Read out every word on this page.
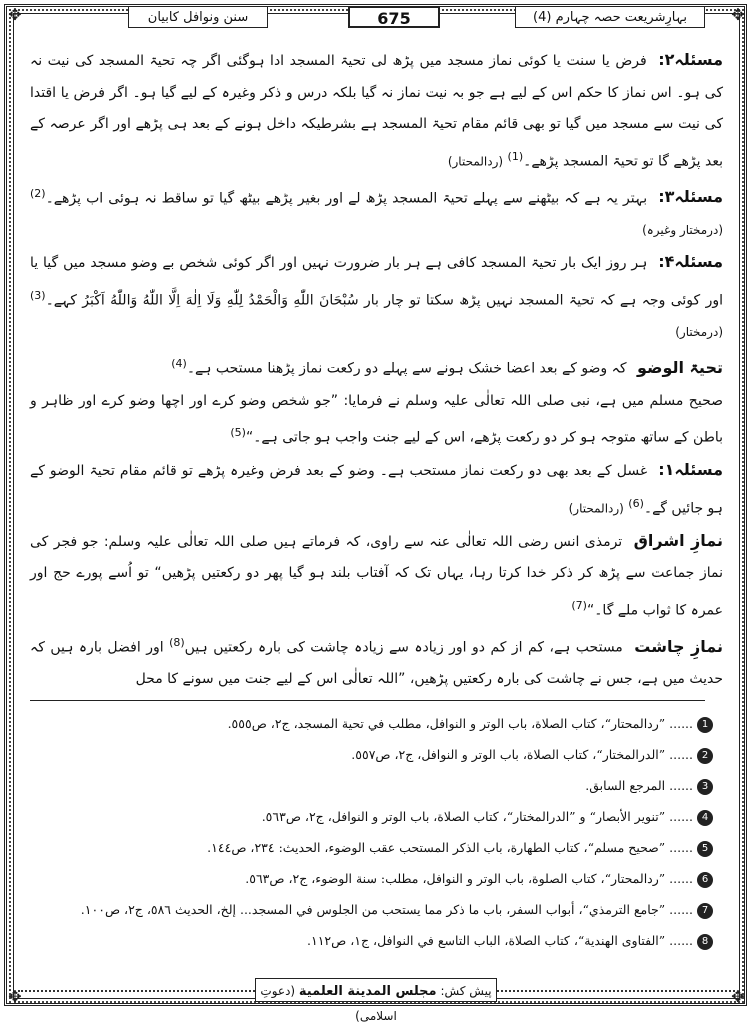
✥	✥
✥	✥
بہارِشریعت حصہ چہارم (4)
675
سنن ونوافل کابیان

مسئلہ۲: فرض یا سنت یا کوئی نماز مسجد میں پڑھ لی تحیۃ المسجد ادا ہوگئی اگر چہ تحیۃ المسجد کی نیت نہ کی ہو۔ اس نماز کا حکم اس کے لیے ہے جو بہ نیت نماز نہ گیا بلکہ درس و ذکر وغیرہ کے لیے گیا ہو۔ اگر فرض یا اقتدا کی نیت سے مسجد میں گیا تو بھی قائم مقام تحیۃ المسجد ہے بشرطیکہ داخل ہونے کے بعد ہی پڑھے اور اگر عرصہ کے بعد پڑھے گا تو تحیۃ المسجد پڑھے۔$^{(1)}$ (ردالمحتار)

مسئلہ۳: بہتر یہ ہے کہ بیٹھنے سے پہلے تحیۃ المسجد پڑھ لے اور بغیر پڑھے بیٹھ گیا تو ساقط نہ ہوئی اب پڑھے۔$^{(2)}$ (درمختار وغیرہ)

مسئلہ۴: ہر روز ایک بار تحیۃ المسجد کافی ہے ہر بار ضرورت نہیں اور اگر کوئی شخص بے وضو مسجد میں گیا یا اور کوئی وجہ ہے کہ تحیۃ المسجد نہیں پڑھ سکتا تو چار بار سُبْحَانَ اللّٰهِ وَالْحَمْدُ لِلّٰهِ وَلَا اِلٰهَ اِلَّا اللّٰهُ وَاللّٰهُ اَكْبَرُ کہے۔$^{(3)}$ (درمختار)

تحیۃ الوضو کہ وضو کے بعد اعضا خشک ہونے سے پہلے دو رکعت نماز پڑھنا مستحب ہے۔$^{(4)}$

صحیح مسلم میں ہے، نبی صلی اللہ تعالٰی علیہ وسلم نے فرمایا: ”جو شخص وضو کرے اور اچھا وضو کرے اور ظاہر و باطن کے ساتھ متوجہ ہو کر دو رکعت پڑھے، اس کے لیے جنت واجب ہو جاتی ہے۔“$^{(5)}$

مسئلہ۱: غسل کے بعد بھی دو رکعت نماز مستحب ہے۔ وضو کے بعد فرض وغیرہ پڑھے تو قائم مقام تحیۃ الوضو کے ہو جائیں گے۔$^{(6)}$ (ردالمحتار)

نمازِ اشراق ترمذی انس رضی اللہ تعالٰی عنہ سے راوی، کہ فرماتے ہیں صلی اللہ تعالٰی علیہ وسلم: جو فجر کی نماز جماعت سے پڑھ کر ذکر خدا کرتا رہا، یہاں تک کہ آفتاب بلند ہو گیا پھر دو رکعتیں پڑھیں“ تو اُسے پورے حج اور عمرہ کا ثواب ملے گا۔“$^{(7)}$

نمازِ چاشت مستحب ہے، کم از کم دو اور زیادہ سے زیادہ چاشت کی بارہ رکعتیں ہیں$^{(8)}$ اور افضل بارہ ہیں کہ حدیث میں ہے، جس نے چاشت کی بارہ رکعتیں پڑھیں، ”اللہ تعالٰی اس کے لیے جنت میں سونے کا محل

1...... ”ردالمحتار“، كتاب الصلاة، باب الوتر و النوافل، مطلب في تحية المسجد، ج٢، ص٥٥٥.
2...... ”الدرالمختار“، كتاب الصلاة، باب الوتر و النوافل، ج٢، ص٥٥٧.
3...... المرجع السابق.
4...... ”تنوير الأبصار“ و ”الدرالمختار“، كتاب الصلاة، باب الوتر و النوافل، ج٢، ص٥٦٣.
5...... ”صحيح مسلم“، كتاب الطهارة، باب الذكر المستحب عقب الوضوء، الحديث: ٢٣٤، ص١٤٤.
6...... ”ردالمحتار“، كتاب الصلوة، باب الوتر و النوافل، مطلب: سنة الوضوء، ج٢، ص٥٦٣.
7...... ”جامع الترمذي“، أبواب السفر، باب ما ذكر مما يستحب من الجلوس في المسجد... إلخ، الحديث ٥٨٦، ج٢، ص١٠٠.
8...... ”الفتاوى الهندية“، كتاب الصلاة، الباب التاسع في النوافل، ج١، ص١١٢.
پیش کش: مجلس المدينة العلمية (دعوتِ اسلامی)
